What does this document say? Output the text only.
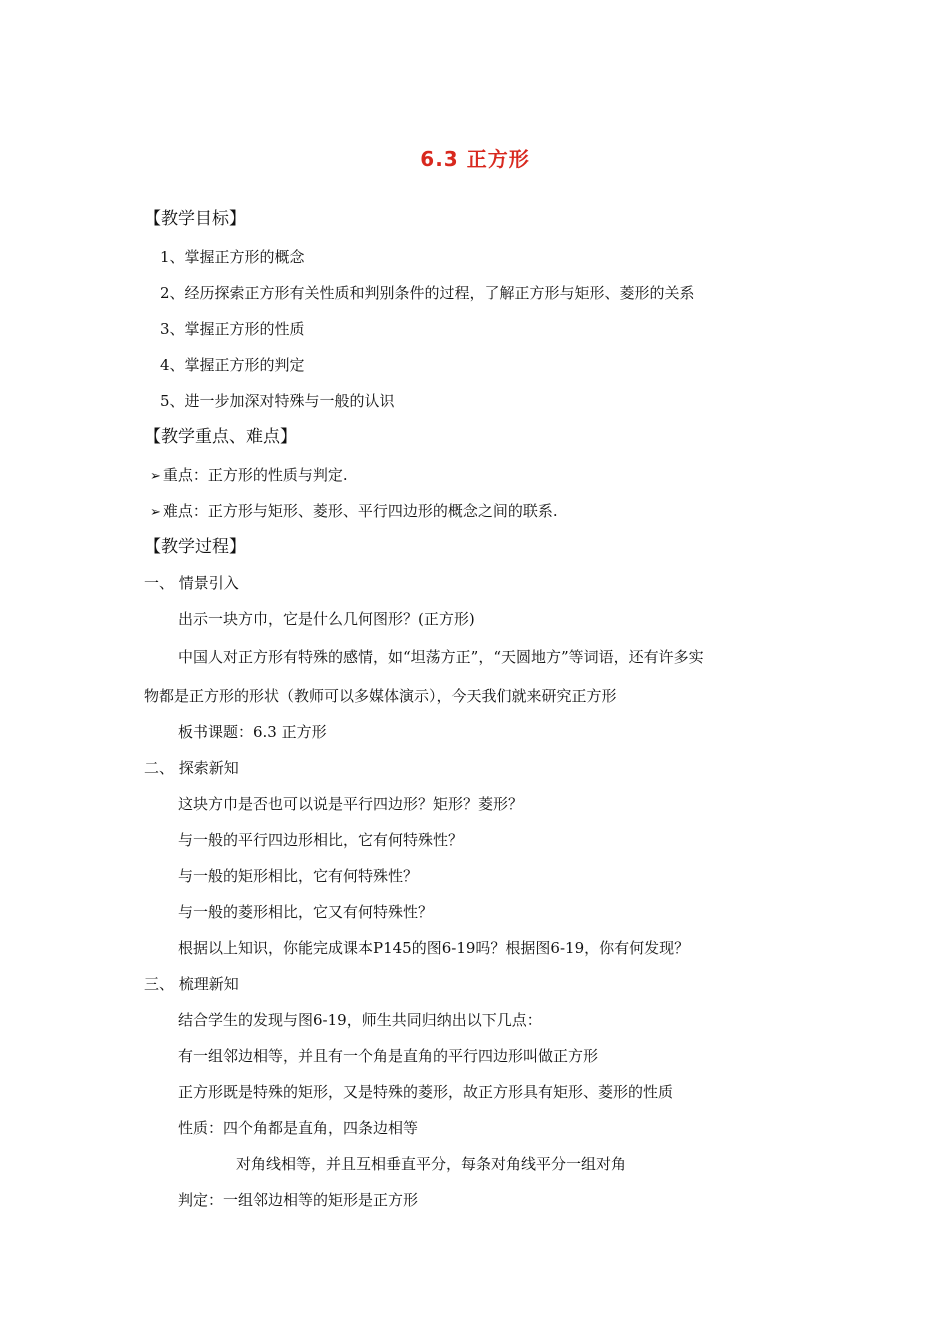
6.3 正方形
【教学目标】
1、掌握正方形的概念
2、经历探索正方形有关性质和判别条件的过程，了解正方形与矩形、菱形的关系
3、掌握正方形的性质
4、掌握正方形的判定
5、进一步加深对特殊与一般的认识
【教学重点、难点】
➢ 重点：正方形的性质与判定.
➢ 难点：正方形与矩形、菱形、平行四边形的概念之间的联系.
【教学过程】
一、 情景引入
出示一块方巾，它是什么几何图形？(正方形)
中国人对正方形有特殊的感情，如“坦荡方正”，“天圆地方”等词语，还有许多实
物都是正方形的形状（教师可以多媒体演示），今天我们就来研究正方形
板书课题：6.3 正方形
二、 探索新知
这块方巾是否也可以说是平行四边形？矩形？菱形？
与一般的平行四边形相比，它有何特殊性？
与一般的矩形相比，它有何特殊性？
与一般的菱形相比，它又有何特殊性？
根据以上知识，你能完成课本P145的图6-19吗？根据图6-19，你有何发现？
三、 梳理新知
结合学生的发现与图6-19，师生共同归纳出以下几点：
有一组邻边相等，并且有一个角是直角的平行四边形叫做正方形
正方形既是特殊的矩形，又是特殊的菱形，故正方形具有矩形、菱形的性质
性质：四个角都是直角，四条边相等
对角线相等，并且互相垂直平分，每条对角线平分一组对角
判定：一组邻边相等的矩形是正方形
